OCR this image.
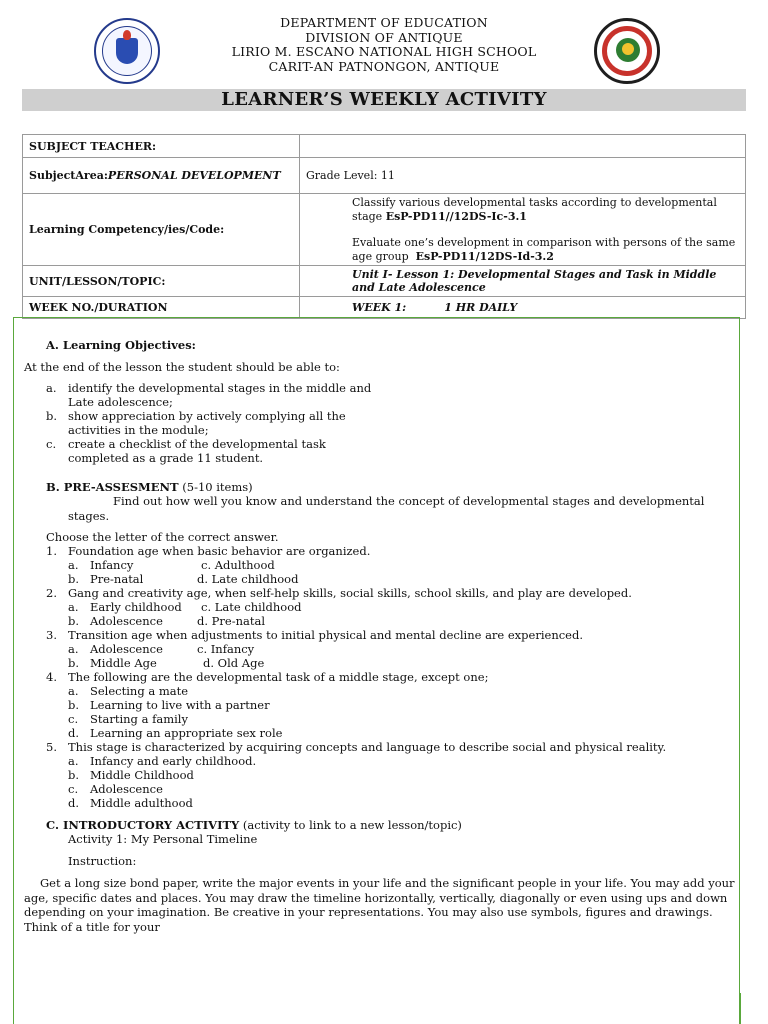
DEPARTMENT OF EDUCATION
DIVISION OF ANTIQUE
LIRIO M. ESCANO NATIONAL HIGH SCHOOL
CARIT-AN PATNONGON, ANTIQUE
LEARNER’S WEEKLY ACTIVITY
SUBJECT TEACHER:	
SubjectArea:PERSONAL DEVELOPMENT	Grade Level: 11
Learning Competency/ies/Code:	Classify various developmental tasks according to developmental stage EsP-PD11//12DS-Ic-3.1
Evaluate one’s development in comparison with persons of the same age group EsP-PD11/12DS-Id-3.2

UNIT/LESSON/TOPIC:	Unit I- Lesson 1: Developmental Stages and Task in Middle and Late Adolescence
WEEK NO./DURATION	WEEK 1: 1 HR DAILY
A. Learning Objectives:
At the end of the lesson the student should be able to:
a. identify the developmental stages in the middle and
Late adolescence;
b. show appreciation by actively complying all the
activities in the module;
c. create a checklist of the developmental task
completed as a grade 11 student.
B. PRE-ASSESMENT (5-10 items)
Find out how well you know and understand the concept of developmental stages and developmental stages.
Choose the letter of the correct answer.
1. Foundation age when basic behavior are organized.
a. Infancy	c. Adulthood
b. Pre-natal	d. Late childhood
2. Gang and creativity age, when self-help skills, social skills, school skills, and play are developed.
a. Early childhood c. Late childhood
b. Adolescence	d. Pre-natal
3. Transition age when adjustments to initial physical and mental decline are experienced.
a. Adolescence	c. Infancy
b. Middle Age	d. Old Age
4. The following are the developmental task of a middle stage, except one;
a. Selecting a mate
b. Learning to live with a partner
c. Starting a family
d. Learning an appropriate sex role
5. This stage is characterized by acquiring concepts and language to describe social and physical reality.
a. Infancy and early childhood.
b. Middle Childhood
c. Adolescence
d. Middle adulthood
C. INTRODUCTORY ACTIVITY (activity to link to a new lesson/topic)
Activity 1: My Personal Timeline
Instruction:
Get a long size bond paper, write the major events in your life and the significant people in your life. You may add your age, specific dates and places. You may draw the timeline horizontally, vertically, diagonally or even using ups and down depending on your imagination. Be creative in your representations. You may also use symbols, figures and drawings. Think of a title for your
